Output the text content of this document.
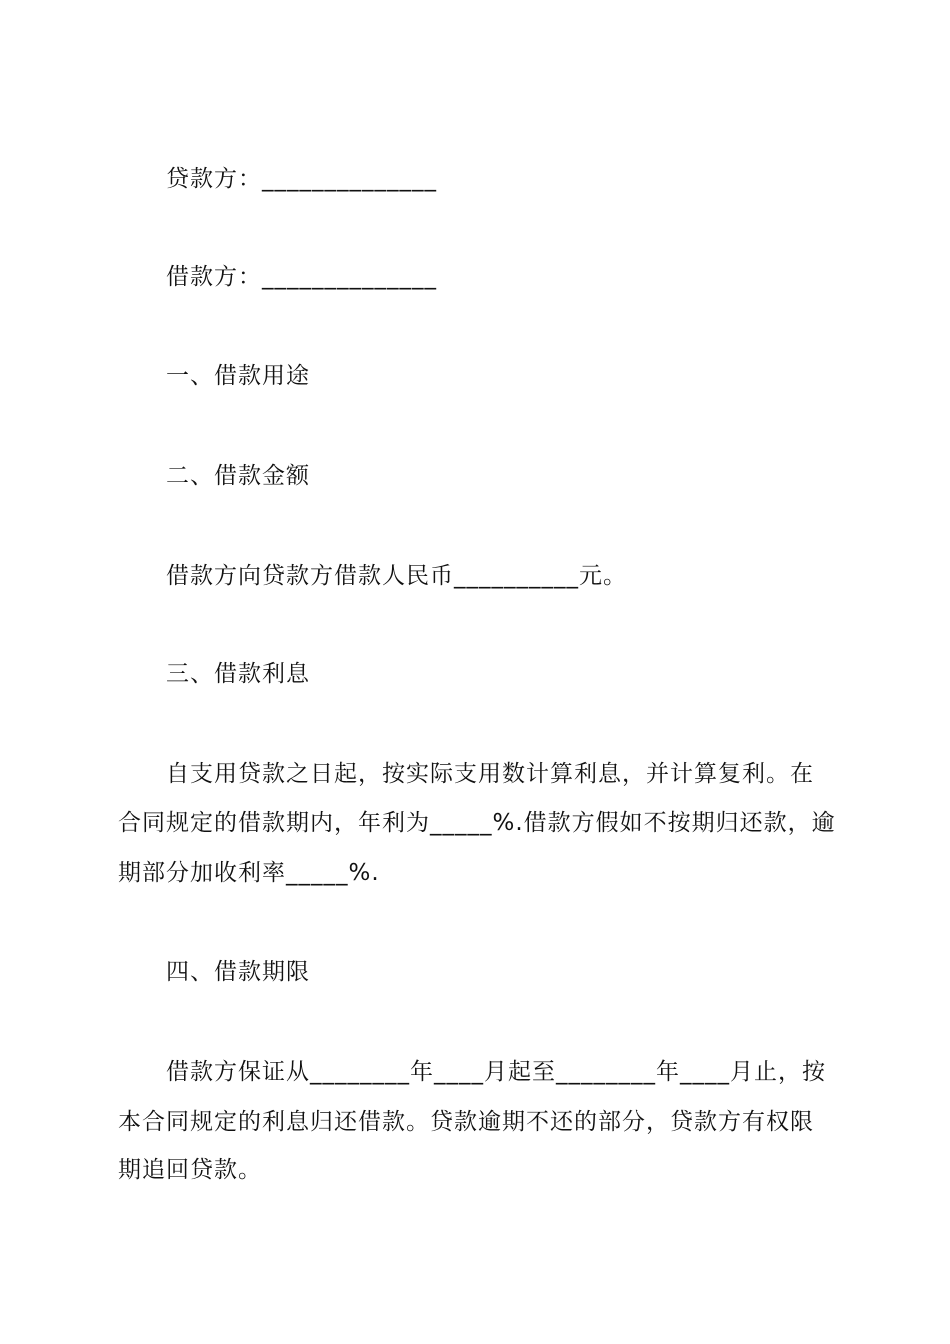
贷款方：______________
借款方：______________
一、借款用途
二、借款金额
借款方向贷款方借款人民币__________元。
三、借款利息
自支用贷款之日起，按实际支用数计算利息，并计算复利。在
合同规定的借款期内，年利为_____%.借款方假如不按期归还款，逾
期部分加收利率_____%.
四、借款期限
借款方保证从________年____月起至________年____月止，按
本合同规定的利息归还借款。贷款逾期不还的部分，贷款方有权限
期追回贷款。
